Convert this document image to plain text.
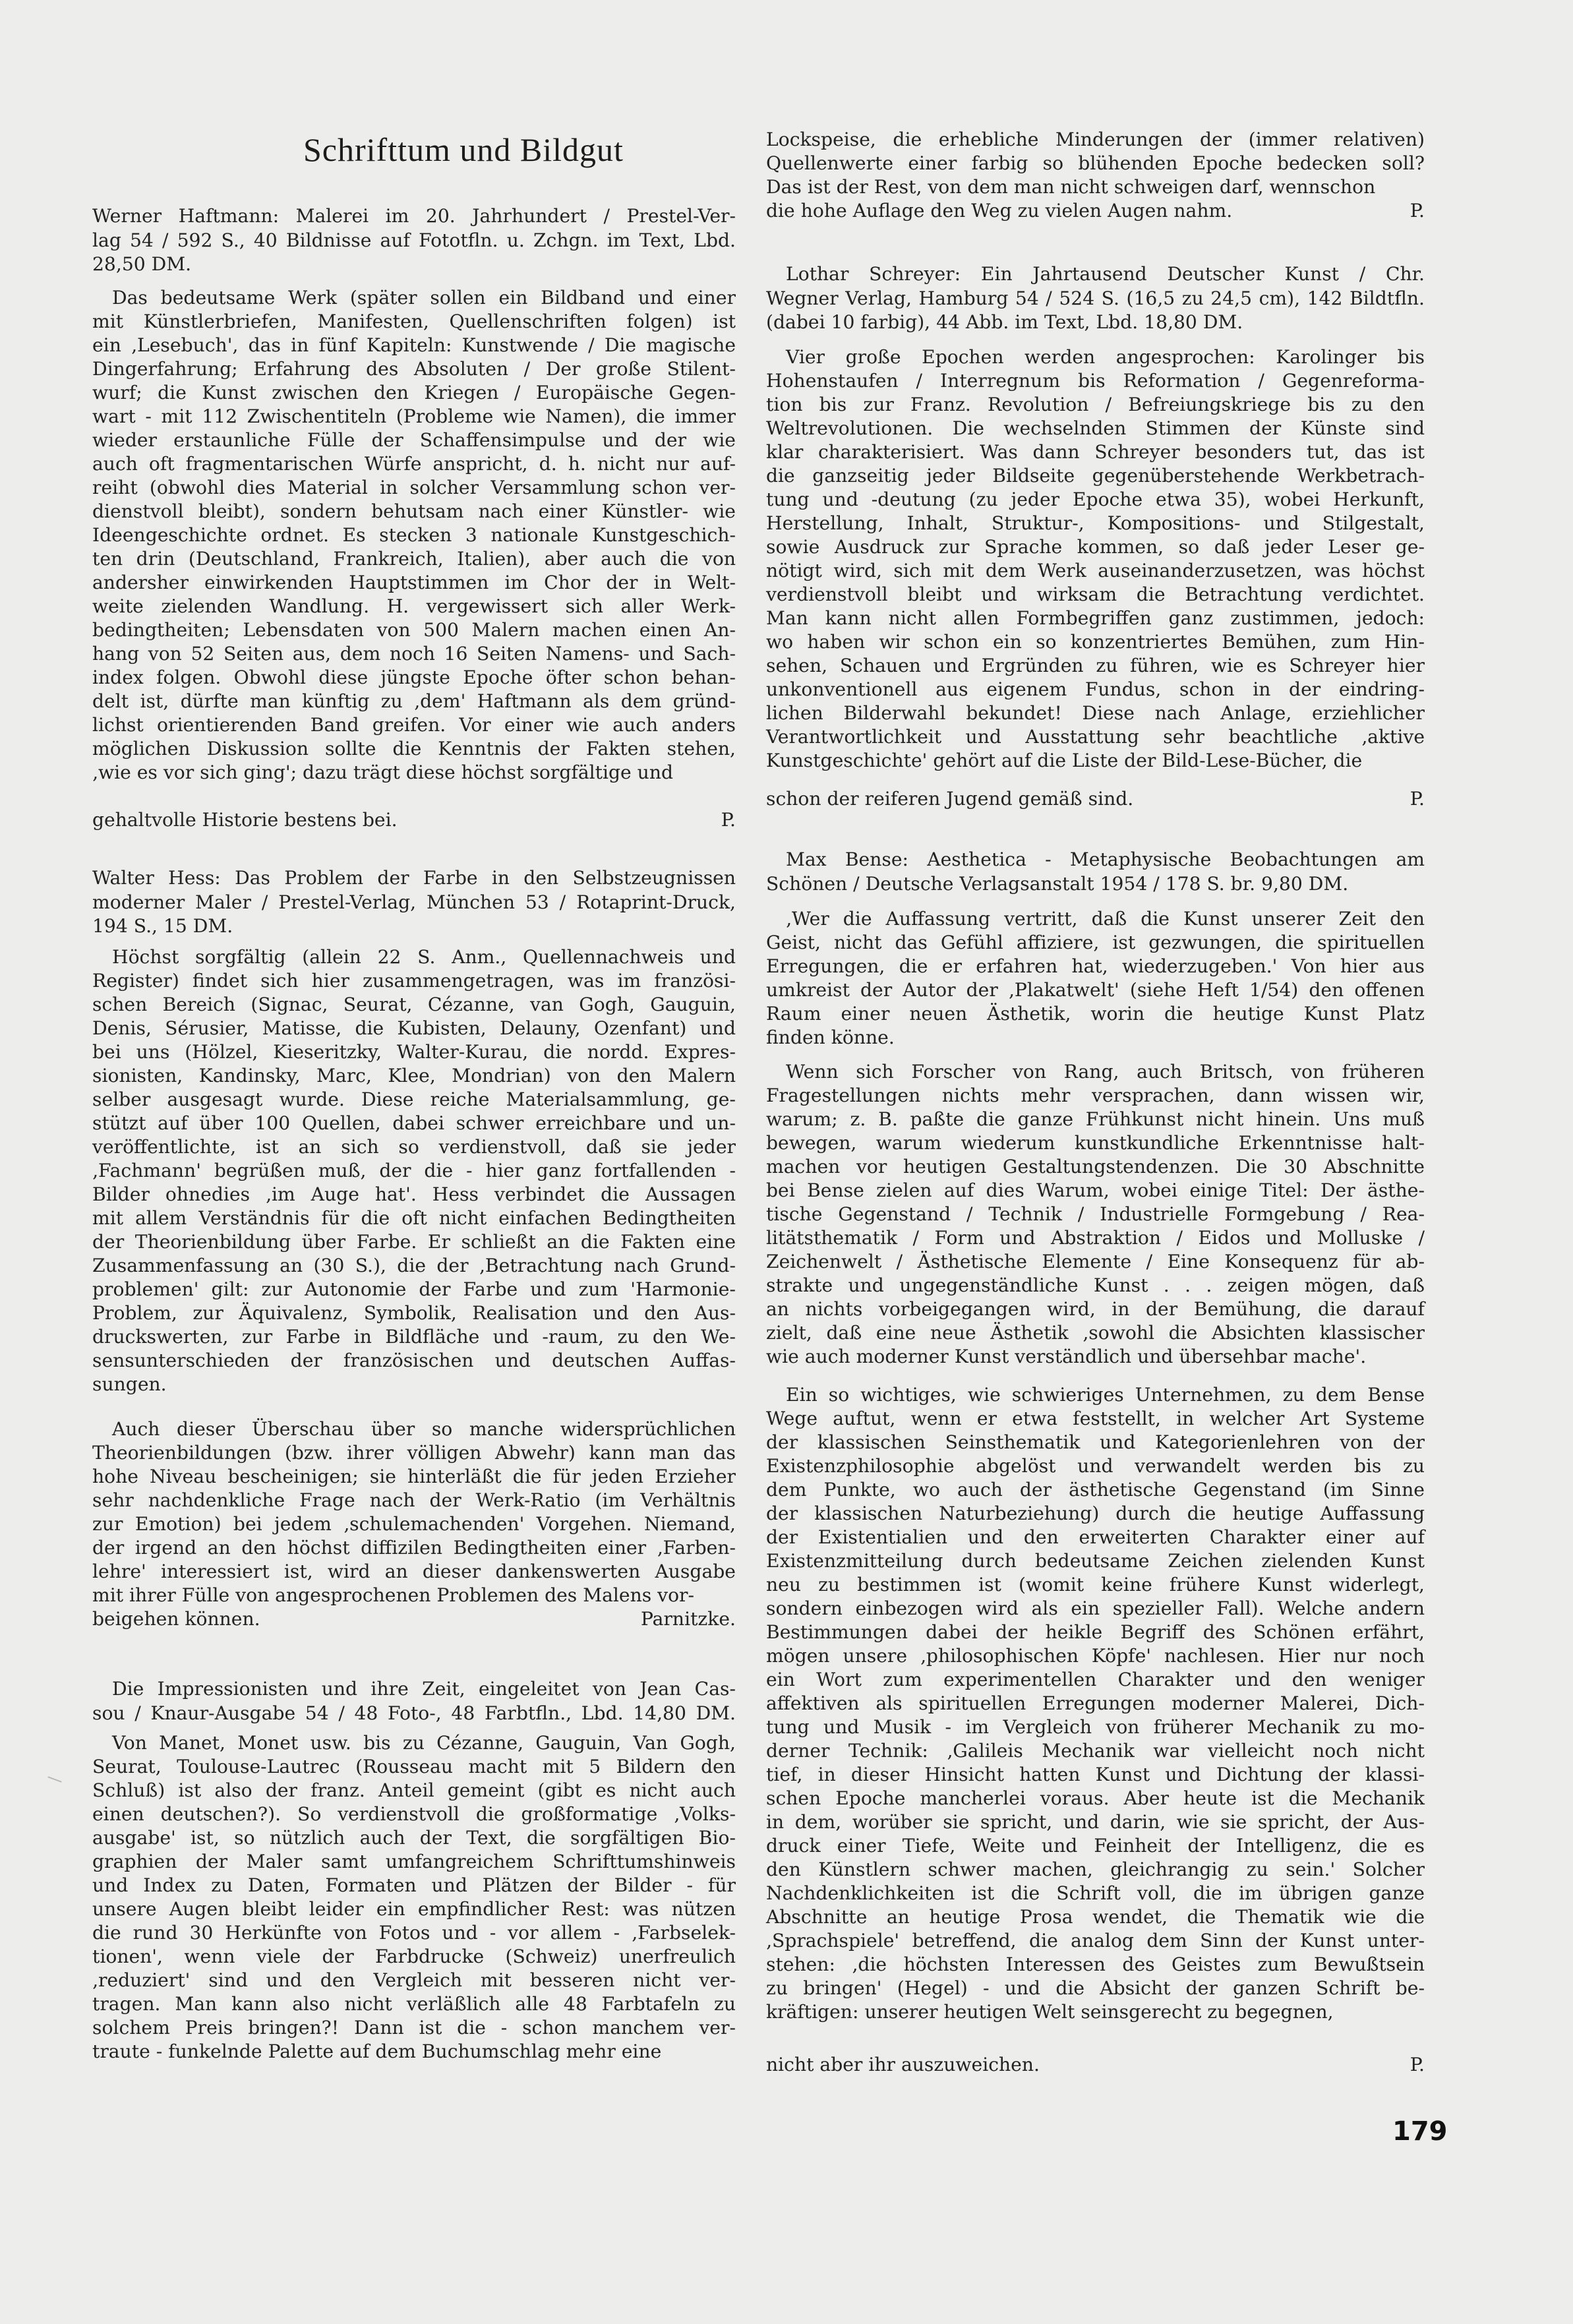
Schrifttum und Bildgut
Werner Haftmann: Malerei im 20. Jahrhundert / Prestel-Ver-
lag 54 / 592 S., 40 Bildnisse auf Fototfln. u. Zchgn. im Text, Lbd.
28,50 DM.
Das bedeutsame Werk (später sollen ein Bildband und einer
mit Künstlerbriefen, Manifesten, Quellenschriften folgen) ist
ein ‚Lesebuch', das in fünf Kapiteln: Kunstwende / Die magische
Dingerfahrung; Erfahrung des Absoluten / Der große Stilent-
wurf; die Kunst zwischen den Kriegen / Europäische Gegen-
wart - mit 112 Zwischentiteln (Probleme wie Namen), die immer
wieder erstaunliche Fülle der Schaffensimpulse und der wie
auch oft fragmentarischen Würfe anspricht, d. h. nicht nur auf-
reiht (obwohl dies Material in solcher Versammlung schon ver-
dienstvoll bleibt), sondern behutsam nach einer Künstler- wie
Ideengeschichte ordnet. Es stecken 3 nationale Kunstgeschich-
ten drin (Deutschland, Frankreich, Italien), aber auch die von
andersher einwirkenden Hauptstimmen im Chor der in Welt-
weite zielenden Wandlung. H. vergewissert sich aller Werk-
bedingtheiten; Lebensdaten von 500 Malern machen einen An-
hang von 52 Seiten aus, dem noch 16 Seiten Namens- und Sach-
index folgen. Obwohl diese jüngste Epoche öfter schon behan-
delt ist, dürfte man künftig zu ‚dem' Haftmann als dem gründ-
lichst orientierenden Band greifen. Vor einer wie auch anders
möglichen Diskussion sollte die Kenntnis der Fakten stehen,
‚wie es vor sich ging'; dazu trägt diese höchst sorgfältige und
gehaltvolle Historie bestens bei.	P.
Walter Hess: Das Problem der Farbe in den Selbstzeugnissen
moderner Maler / Prestel-Verlag, München 53 / Rotaprint-Druck,
194 S., 15 DM.
Höchst sorgfältig (allein 22 S. Anm., Quellennachweis und
Register) findet sich hier zusammengetragen, was im französi-
schen Bereich (Signac, Seurat, Cézanne, van Gogh, Gauguin,
Denis, Sérusier, Matisse, die Kubisten, Delauny, Ozenfant) und
bei uns (Hölzel, Kieseritzky, Walter-Kurau, die nordd. Expres-
sionisten, Kandinsky, Marc, Klee, Mondrian) von den Malern
selber ausgesagt wurde. Diese reiche Materialsammlung, ge-
stützt auf über 100 Quellen, dabei schwer erreichbare und un-
veröffentlichte, ist an sich so verdienstvoll, daß sie jeder
‚Fachmann' begrüßen muß, der die - hier ganz fortfallenden -
Bilder ohnedies ‚im Auge hat'. Hess verbindet die Aussagen
mit allem Verständnis für die oft nicht einfachen Bedingtheiten
der Theorienbildung über Farbe. Er schließt an die Fakten eine
Zusammenfassung an (30 S.), die der ‚Betrachtung nach Grund-
problemen' gilt: zur Autonomie der Farbe und zum 'Harmonie-
Problem, zur Äquivalenz, Symbolik, Realisation und den Aus-
druckswerten, zur Farbe in Bildfläche und -raum, zu den We-
sensunterschieden der französischen und deutschen Auffas-
sungen.
Auch dieser Überschau über so manche widersprüchlichen
Theorienbildungen (bzw. ihrer völligen Abwehr) kann man das
hohe Niveau bescheinigen; sie hinterläßt die für jeden Erzieher
sehr nachdenkliche Frage nach der Werk-Ratio (im Verhältnis
zur Emotion) bei jedem ‚schulemachenden' Vorgehen. Niemand,
der irgend an den höchst diffizilen Bedingtheiten einer ‚Farben-
lehre' interessiert ist, wird an dieser dankenswerten Ausgabe
mit ihrer Fülle von angesprochenen Problemen des Malens vor-
beigehen können.	Parnitzke.
Die Impressionisten und ihre Zeit, eingeleitet von Jean Cas-
sou / Knaur-Ausgabe 54 / 48 Foto-, 48 Farbtfln., Lbd. 14,80 DM.
Von Manet, Monet usw. bis zu Cézanne, Gauguin, Van Gogh,
Seurat, Toulouse-Lautrec (Rousseau macht mit 5 Bildern den
Schluß) ist also der franz. Anteil gemeint (gibt es nicht auch
einen deutschen?). So verdienstvoll die großformatige ‚Volks-
ausgabe' ist, so nützlich auch der Text, die sorgfältigen Bio-
graphien der Maler samt umfangreichem Schrifttumshinweis
und Index zu Daten, Formaten und Plätzen der Bilder - für
unsere Augen bleibt leider ein empfindlicher Rest: was nützen
die rund 30 Herkünfte von Fotos und - vor allem - ‚Farbselek-
tionen', wenn viele der Farbdrucke (Schweiz) unerfreulich
‚reduziert' sind und den Vergleich mit besseren nicht ver-
tragen. Man kann also nicht verläßlich alle 48 Farbtafeln zu
solchem Preis bringen?! Dann ist die - schon manchem ver-
traute - funkelnde Palette auf dem Buchumschlag mehr eine
Lockspeise, die erhebliche Minderungen der (immer relativen)
Quellenwerte einer farbig so blühenden Epoche bedecken soll?
Das ist der Rest, von dem man nicht schweigen darf, wennschon
die hohe Auflage den Weg zu vielen Augen nahm.	P.
Lothar Schreyer: Ein Jahrtausend Deutscher Kunst / Chr.
Wegner Verlag, Hamburg 54 / 524 S. (16,5 zu 24,5 cm), 142 Bildtfln.
(dabei 10 farbig), 44 Abb. im Text, Lbd. 18,80 DM.
Vier große Epochen werden angesprochen: Karolinger bis
Hohenstaufen / Interregnum bis Reformation / Gegenreforma-
tion bis zur Franz. Revolution / Befreiungskriege bis zu den
Weltrevolutionen. Die wechselnden Stimmen der Künste sind
klar charakterisiert. Was dann Schreyer besonders tut, das ist
die ganzseitig jeder Bildseite gegenüberstehende Werkbetrach-
tung und -deutung (zu jeder Epoche etwa 35), wobei Herkunft,
Herstellung, Inhalt, Struktur-, Kompositions- und Stilgestalt,
sowie Ausdruck zur Sprache kommen, so daß jeder Leser ge-
nötigt wird, sich mit dem Werk auseinanderzusetzen, was höchst
verdienstvoll bleibt und wirksam die Betrachtung verdichtet.
Man kann nicht allen Formbegriffen ganz zustimmen, jedoch:
wo haben wir schon ein so konzentriertes Bemühen, zum Hin-
sehen, Schauen und Ergründen zu führen, wie es Schreyer hier
unkonventionell aus eigenem Fundus, schon in der eindring-
lichen Bilderwahl bekundet! Diese nach Anlage, erziehlicher
Verantwortlichkeit und Ausstattung sehr beachtliche ‚aktive
Kunstgeschichte' gehört auf die Liste der Bild-Lese-Bücher, die
schon der reiferen Jugend gemäß sind.	P.
Max Bense: Aesthetica - Metaphysische Beobachtungen am
Schönen / Deutsche Verlagsanstalt 1954 / 178 S. br. 9,80 DM.
‚Wer die Auffassung vertritt, daß die Kunst unserer Zeit den
Geist, nicht das Gefühl affiziere, ist gezwungen, die spirituellen
Erregungen, die er erfahren hat, wiederzugeben.' Von hier aus
umkreist der Autor der ‚Plakatwelt' (siehe Heft 1/54) den offenen
Raum einer neuen Ästhetik, worin die heutige Kunst Platz
finden könne.
Wenn sich Forscher von Rang, auch Britsch, von früheren
Fragestellungen nichts mehr versprachen, dann wissen wir,
warum; z. B. paßte die ganze Frühkunst nicht hinein. Uns muß
bewegen, warum wiederum kunstkundliche Erkenntnisse halt-
machen vor heutigen Gestaltungstendenzen. Die 30 Abschnitte
bei Bense zielen auf dies Warum, wobei einige Titel: Der ästhe-
tische Gegenstand / Technik / Industrielle Formgebung / Rea-
litätsthematik / Form und Abstraktion / Eidos und Molluske /
Zeichenwelt / Ästhetische Elemente / Eine Konsequenz für ab-
strakte und ungegenständliche Kunst . . . zeigen mögen, daß
an nichts vorbeigegangen wird, in der Bemühung, die darauf
zielt, daß eine neue Ästhetik ‚sowohl die Absichten klassischer
wie auch moderner Kunst verständlich und übersehbar mache'.
Ein so wichtiges, wie schwieriges Unternehmen, zu dem Bense
Wege auftut, wenn er etwa feststellt, in welcher Art Systeme
der klassischen Seinsthematik und Kategorienlehren von der
Existenzphilosophie abgelöst und verwandelt werden bis zu
dem Punkte, wo auch der ästhetische Gegenstand (im Sinne
der klassischen Naturbeziehung) durch die heutige Auffassung
der Existentialien und den erweiterten Charakter einer auf
Existenzmitteilung durch bedeutsame Zeichen zielenden Kunst
neu zu bestimmen ist (womit keine frühere Kunst widerlegt,
sondern einbezogen wird als ein spezieller Fall). Welche andern
Bestimmungen dabei der heikle Begriff des Schönen erfährt,
mögen unsere ‚philosophischen Köpfe' nachlesen. Hier nur noch
ein Wort zum experimentellen Charakter und den weniger
affektiven als spirituellen Erregungen moderner Malerei, Dich-
tung und Musik - im Vergleich von früherer Mechanik zu mo-
derner Technik: ‚Galileis Mechanik war vielleicht noch nicht
tief, in dieser Hinsicht hatten Kunst und Dichtung der klassi-
schen Epoche mancherlei voraus. Aber heute ist die Mechanik
in dem, worüber sie spricht, und darin, wie sie spricht, der Aus-
druck einer Tiefe, Weite und Feinheit der Intelligenz, die es
den Künstlern schwer machen, gleichrangig zu sein.' Solcher
Nachdenklichkeiten ist die Schrift voll, die im übrigen ganze
Abschnitte an heutige Prosa wendet, die Thematik wie die
‚Sprachspiele' betreffend, die analog dem Sinn der Kunst unter-
stehen: ‚die höchsten Interessen des Geistes zum Bewußtsein
zu bringen' (Hegel) - und die Absicht der ganzen Schrift be-
kräftigen: unserer heutigen Welt seinsgerecht zu begegnen,
nicht aber ihr auszuweichen.	P.
179
